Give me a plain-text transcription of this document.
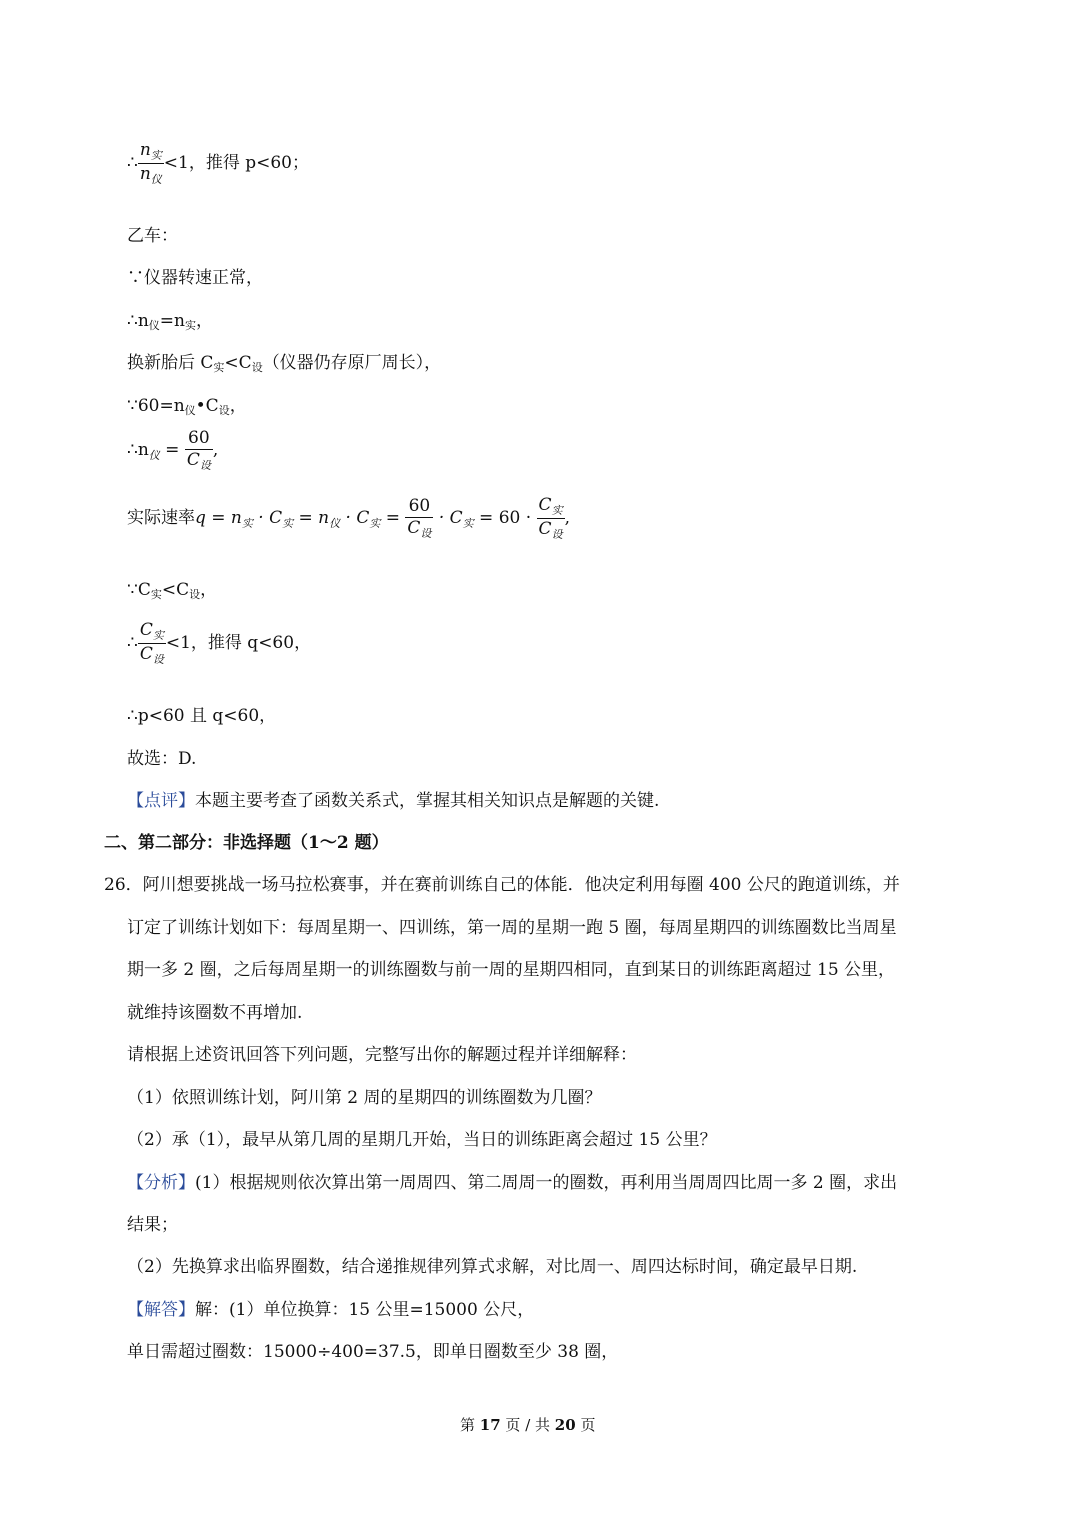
∴ $\frac{n_实}{n_仪} <1$，推得 p<60；
乙车：
∵仪器转速正常，
∴n仪=n实，
换新胎后 C实<C设（仪器仍存原厂周长），
∵60=n仪•C设，
$\therefore n_仪 = \frac{60}{C_设}$ ,
实际速率$q = n_实 \cdot C_实 = n_仪 \cdot C_实 = \frac{60}{C_设} \cdot C_实 = 60 \cdot \frac{C_实}{C_设}$ ,
∵C实<C设，
∴ $\frac{C_实}{C_设} <1$，推得 q<60，
∴p<60 且 q<60，
故选：D.
【点评】本题主要考查了函数关系式，掌握其相关知识点是解题的关键.
二、第二部分：非选择题（1～2 题）
26．阿川想要挑战一场马拉松赛事，并在赛前训练自己的体能．他决定利用每圈 400 公尺的跑道训练，并
订定了训练计划如下：每周星期一、四训练，第一周的星期一跑 5 圈，每周星期四的训练圈数比当周星
期一多 2 圈，之后每周星期一的训练圈数与前一周的星期四相同，直到某日的训练距离超过 15 公里，
就维持该圈数不再增加.
请根据上述资讯回答下列问题，完整写出你的解题过程并详细解释：
（1）依照训练计划，阿川第 2 周的星期四的训练圈数为几圈？
（2）承（1），最早从第几周的星期几开始，当日的训练距离会超过 15 公里？
【分析】(1）根据规则依次算出第一周周四、第二周周一的圈数，再利用当周周四比周一多 2 圈，求出
结果；
（2）先换算求出临界圈数，结合递推规律列算式求解，对比周一、周四达标时间，确定最早日期.
【解答】解：(1）单位换算：15 公里=15000 公尺，
单日需超过圈数：15000÷400=37.5，即单日圈数至少 38 圈，
第 17 页 / 共 20 页
